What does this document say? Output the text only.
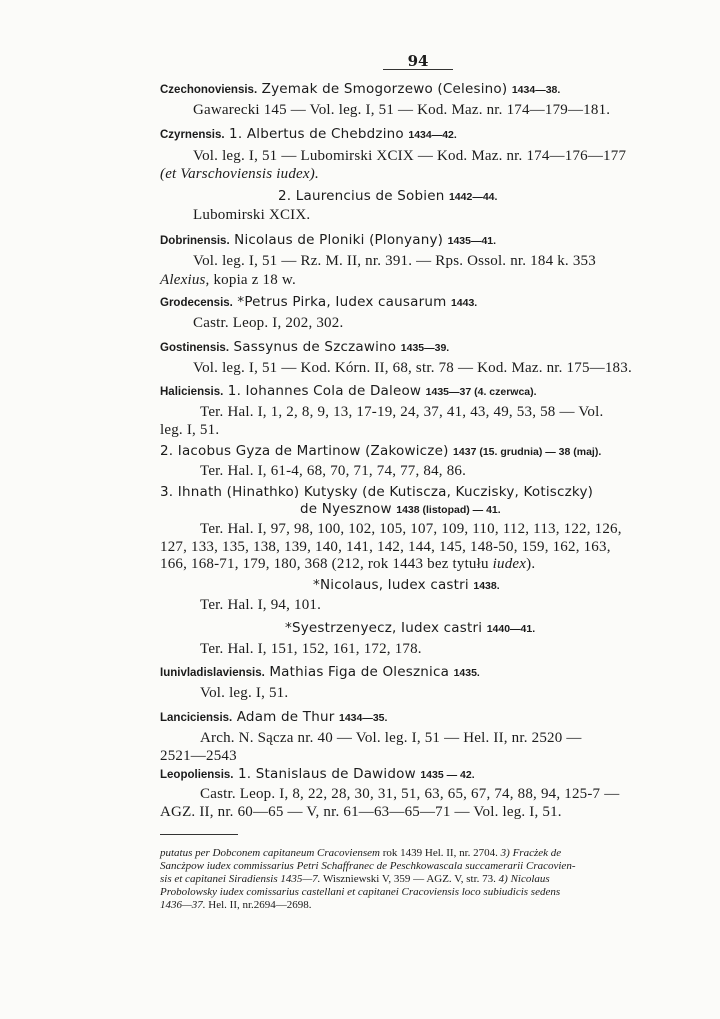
94
Czechonoviensis. Zyemak de Smogorzewo (Celesino) 1434—38.
Gawarecki 145 — Vol. leg. I, 51 — Kod. Maz. nr. 174—179—181.
Czyrnensis. 1. Albertus de Chebdzino 1434—42.
Vol. leg. I, 51 — Lubomirski XCIX — Kod. Maz. nr. 174—176—177
(et Varschoviensis iudex).
2. Laurencius de Sobien 1442—44.
Lubomirski XCIX.
Dobrinensis. Nicolaus de Ploniki (Plonyany) 1435—41.
Vol. leg. I, 51 — Rz. M. II, nr. 391. — Rps. Ossol. nr. 184 k. 353
Alexius, kopia z 18 w.
Grodecensis. *Petrus Pirka, Iudex causarum 1443.
Castr. Leop. I, 202, 302.
Gostinensis. Sassynus de Szczawino 1435—39.
Vol. leg. I, 51 — Kod. Kórn. II, 68, str. 78 — Kod. Maz. nr. 175—183.
Haliciensis. 1. Iohannes Cola de Daleow 1435—37 (4. czerwca).
Ter. Hal. I, 1, 2, 8, 9, 13, 17-19, 24, 37, 41, 43, 49, 53, 58 — Vol.
leg. I, 51.
2. Iacobus Gyza de Martinow (Zakowicze) 1437 (15. grudnia) — 38 (maj).
Ter. Hal. I, 61-4, 68, 70, 71, 74, 77, 84, 86.
3. Ihnath (Hinathko) Kutysky (de Kutiscza, Kuczisky, Kotisczky)
de Nyesznow 1438 (listopad) — 41.
Ter. Hal. I, 97, 98, 100, 102, 105, 107, 109, 110, 112, 113, 122, 126,
127, 133, 135, 138, 139, 140, 141, 142, 144, 145, 148-50, 159, 162, 163,
166, 168-71, 179, 180, 368 (212, rok 1443 bez tytułu iudex).
*Nicolaus, Iudex castri 1438.
Ter. Hal. I, 94, 101.
*Syestrzenyecz, Iudex castri 1440—41.
Ter. Hal. I, 151, 152, 161, 172, 178.
Iunivladislaviensis. Mathias Figa de Olesznica 1435.
Vol. leg. I, 51.
Lanciciensis. Adam de Thur 1434—35.
Arch. N. Sącza nr. 40 — Vol. leg. I, 51 — Hel. II, nr. 2520 —
2521—2543
Leopoliensis. 1. Stanislaus de Dawidow 1435 — 42.
Castr. Leop. I, 8, 22, 28, 30, 31, 51, 63, 65, 67, 74, 88, 94, 125-7 —
AGZ. II, nr. 60—65 — V, nr. 61—63—65—71 — Vol. leg. I, 51.
putatus per Dobconem capitaneum Cracoviensem rok 1439 Hel. II, nr. 2704. 3) Fracżek de
Sancżpow iudex commissarius Petri Schaffranec de Peschkowascala succamerarii Cracovien-
sis et capitanei Siradiensis 1435—7. Wiszniewski V, 359 — AGZ. V, str. 73. 4) Nicolaus
Probolowsky iudex comissarius castellani et capitanei Cracoviensis loco subiudicis sedens
1436—37. Hel. II, nr.2694—2698.
